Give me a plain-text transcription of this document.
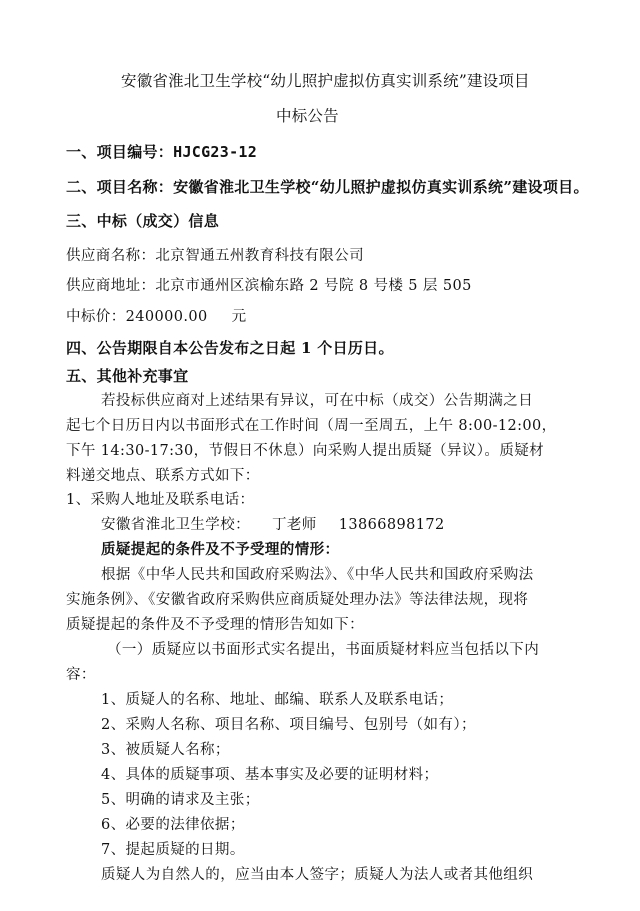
安徽省淮北卫生学校“幼儿照护虚拟仿真实训系统”建设项目
中标公告
一、项目编号：HJCG23-12
二、项目名称：安徽省淮北卫生学校“幼儿照护虚拟仿真实训系统”建设项目。
三、中标（成交）信息
供应商名称：北京智通五州教育科技有限公司
供应商地址：北京市通州区滨榆东路 2 号院 8 号楼 5 层 505
中标价：240000.00 元
四、公告期限自本公告发布之日起 1 个日历日。
五、其他补充事宜
若投标供应商对上述结果有异议，可在中标（成交）公告期满之日
起七个日历日内以书面形式在工作时间（周一至周五，上午 8:00-12:00，
下午 14:30-17:30，节假日不休息）向采购人提出质疑（异议）。质疑材
料递交地点、联系方式如下：
1、采购人地址及联系电话：
安徽省淮北卫生学校： 丁老师 13866898172
质疑提起的条件及不予受理的情形：
根据《中华人民共和国政府采购法》、《中华人民共和国政府采购法
实施条例》、《安徽省政府采购供应商质疑处理办法》等法律法规，现将
质疑提起的条件及不予受理的情形告知如下：
（一）质疑应以书面形式实名提出，书面质疑材料应当包括以下内
容：
1、质疑人的名称、地址、邮编、联系人及联系电话；
2、采购人名称、项目名称、项目编号、包别号（如有）；
3、被质疑人名称；
4、具体的质疑事项、基本事实及必要的证明材料；
5、明确的请求及主张；
6、必要的法律依据；
7、提起质疑的日期。
质疑人为自然人的，应当由本人签字；质疑人为法人或者其他组织
